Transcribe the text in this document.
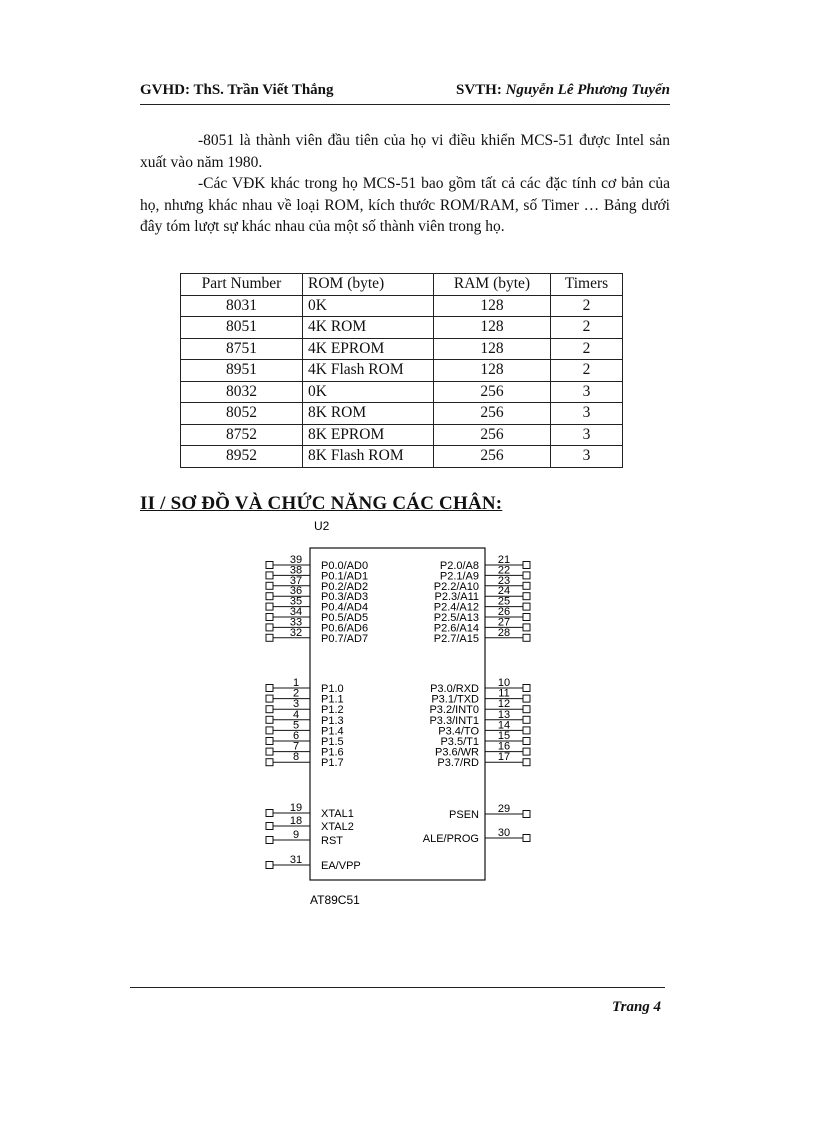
GVHD: ThS. Trần Viết Thắng	SVTH: Nguyễn Lê Phương Tuyến

-8051 là thành viên đầu tiên của họ vi điều khiển MCS-51 được Intel sản xuất vào năm 1980.

-Các VĐK khác trong họ MCS-51 bao gồm tất cả các đặc tính cơ bản của họ, nhưng khác nhau về loại ROM, kích thước ROM/RAM, số Timer … Bảng dưới đây tóm lượt sự khác nhau của một số thành viên trong họ.

Part Number	ROM (byte)	RAM (byte)	Timers
8031	0K	128	2
8051	4K ROM	128	2
8751	4K EPROM	128	2
8951	4K Flash ROM	128	2
8032	0K	256	3
8052	8K ROM	256	3
8752	8K EPROM	256	3
8952	8K Flash ROM	256	3
II / SƠ ĐỒ VÀ CHỨC NĂNG CÁC CHÂN:
U2
39 P0.0/AD0
38 P0.1/AD1
37 P0.2/AD2
36 P0.3/AD3
35 P0.4/AD4
34 P0.5/AD5
33 P0.6/AD6
32 P0.7/AD7
1 P1.0
2 P1.1
3 P1.2
4 P1.3
5 P1.4
6 P1.5
7 P1.6
8 P1.7
19 XTAL1
18 XTAL2
9 RST
31 EA/VPP
21
P2.0/A8 22
P2.1/A9 23
P2.2/A10 24
P2.3/A11 25
P2.4/A12 26
P2.5/A13 27
P2.6/A14 28
P2.7/A15
10
P3.0/RXD 11
P3.1/TXD 12
P3.2/INT0 13
P3.3/INT1 14
P3.4/TO 15
P3.5/T1 16
P3.6/WR 17
P3.7/RD
29
PSEN
30
ALE/PROG
AT89C51
Trang 4
